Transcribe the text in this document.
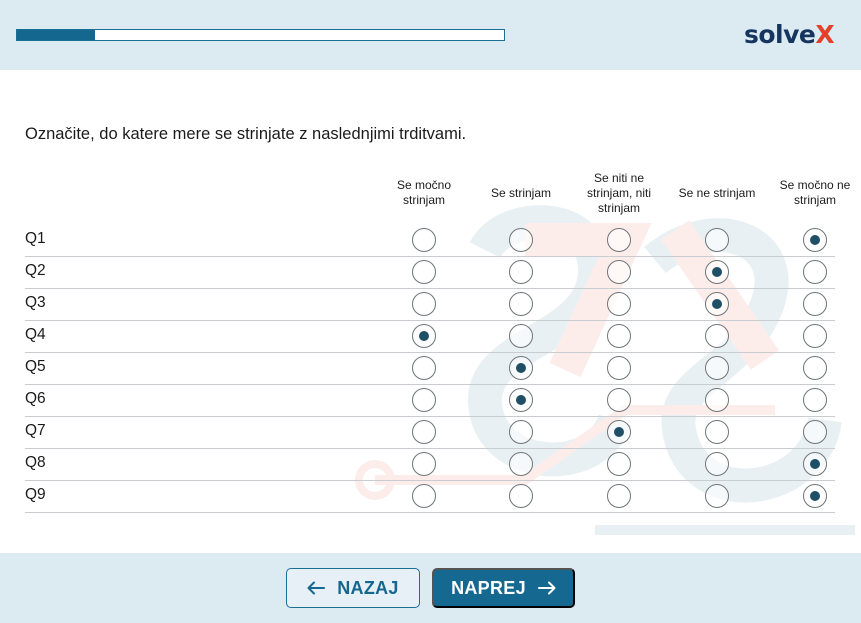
solveX
Označite, do katere mere se strinjate z naslednjimi trditvami.
Se močno strinjam
Se strinjam
Se niti ne strinjam, niti strinjam
Se ne strinjam
Se močno ne strinjam
Q1
Q2
Q3
Q4
Q5
Q6
Q7
Q8
Q9
NAZAJ	NAPREJ
